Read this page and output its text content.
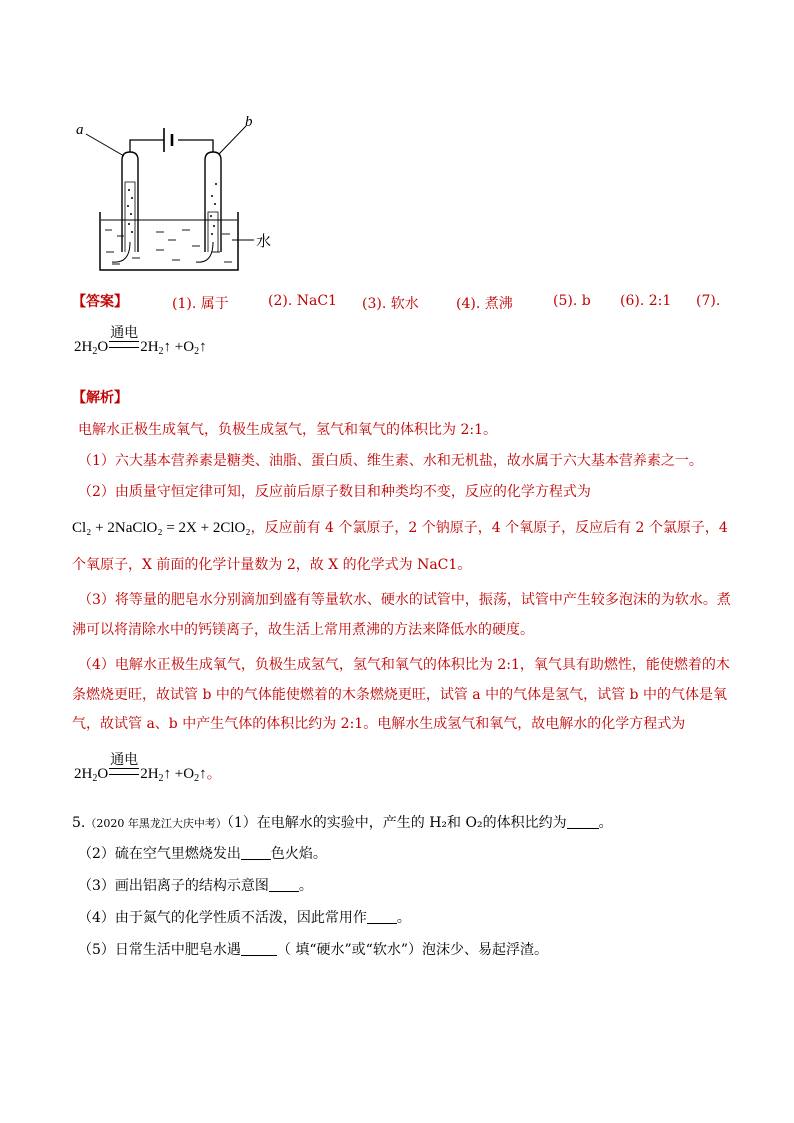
a	b
水
【答案】	(1). 属于	(2). NaC1 (3). 软水	(4). 煮沸	(5). b (6). 2:1 (7).
$2H_2O$
通电
$2H_2↑$ $+O_2↑$
【解析】
电解水正极生成氧气，负极生成氢气，氢气和氧气的体积比为 2:1。
（1）六大基本营养素是糖类、油脂、蛋白质、维生素、水和无机盐，故水属于六大基本营养素之一。
（2）由质量守恒定律可知，反应前后原子数目和种类均不变，反应的化学方程式为
Cl₂ + 2NaClO₂ = 2X + 2ClO₂，反应前有 4 个氯原子，2 个钠原子，4 个氧原子，反应后有 2 个氯原子，4
个氧原子，X 前面的化学计量数为 2，故 X 的化学式为 NaC1。
（3）将等量的肥皂水分别滴加到盛有等量软水、硬水的试管中，振荡，试管中产生较多泡沫的为软水。煮
沸可以将清除水中的钙镁离子，故生活上常用煮沸的方法来降低水的硬度。
（4）电解水正极生成氧气，负极生成氢气，氢气和氧气的体积比为 2:1，氧气具有助燃性，能使燃着的木
条燃烧更旺，故试管 b 中的气体能使燃着的木条燃烧更旺，试管 a 中的气体是氢气，试管 b 中的气体是氧
气，故试管 a、b 中产生气体的体积比约为 2:1。电解水生成氢气和氧气，故电解水的化学方程式为
$2H_2O$
通电
$2H_2↑$ $+O_2↑$。
5.（2020 年黑龙江大庆中考）（1）在电解水的实验中，产生的 H₂和 O₂的体积比约为 。
（2）硫在空气里燃烧发出 色火焰。
（3）画出铝离子的结构示意图 。
（4）由于氮气的化学性质不活泼，因此常用作 。
（5）日常生活中肥皂水遇	（ 填“硬水”或“软水”）泡沫少、易起浮渣。
